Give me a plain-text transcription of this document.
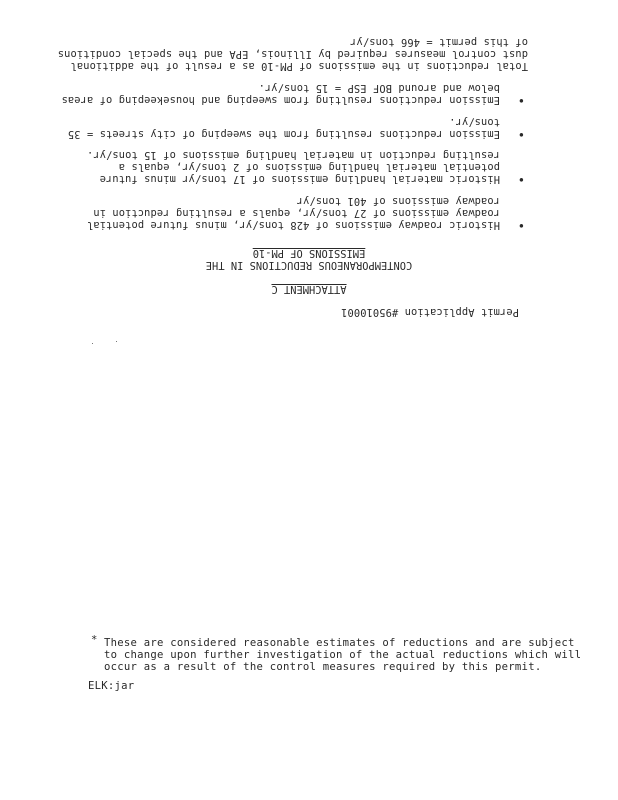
Permit Application #95010001
ATTACHMENT C
CONTEMPORANEOUS REDUCTIONS IN THE
EMISSIONS OF PM-10
•
Historic roadway emissions of 428 tons/yr, minus future potential
roadway emissions of 27 tons/yr, equals a resulting reduction in
roadway emissions of 401 tons/yr
•
Historic material handling emissions of 17 tons/yr minus future
potential material handling emissions of 2 tons/yr, equals a
resulting reduction in material handling emissions of 15 tons/yr.
•
Emission reductions resulting from the sweeping of city streets = 35
tons/yr.
•
Emission reductions resulting from sweeping and housekeeping of areas
below and around BOF ESP = 15 tons/yr.
Total reductions in the emissions of PM-10 as a result of the additional
dust control measures required by Illinois, EPA and the special conditions
of this permit = 466 tons/yr
* These are considered reasonable estimates of reductions and are subject
to change upon further investigation of the actual reductions which will
occur as a result of the control measures required by this permit.
ELK:jar
